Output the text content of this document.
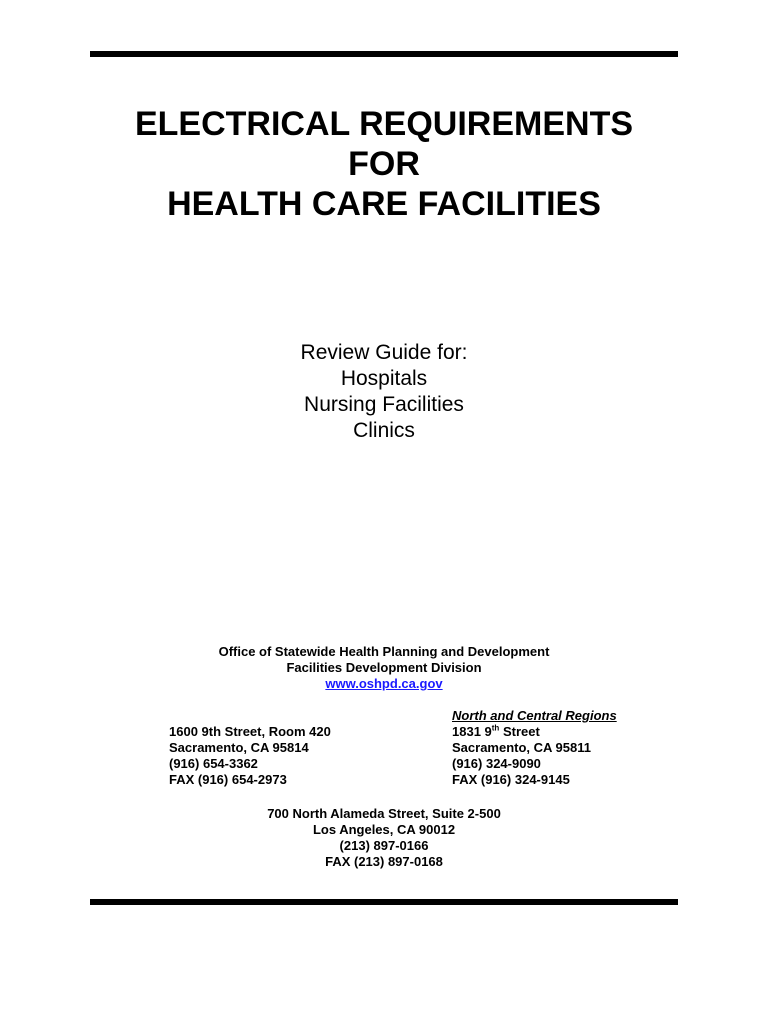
ELECTRICAL REQUIREMENTS
FOR
HEALTH CARE FACILITIES
Review Guide for:
Hospitals
Nursing Facilities
Clinics
Office of Statewide Health Planning and Development
Facilities Development Division
www.oshpd.ca.gov
1600 9th Street, Room 420
Sacramento, CA 95814
(916) 654-3362
FAX (916) 654-2973
North and Central Regions
1831 9th Street
Sacramento, CA 95811
(916) 324-9090
FAX (916) 324-9145
700 North Alameda Street, Suite 2-500
Los Angeles, CA 90012
(213) 897-0166
FAX (213) 897-0168
